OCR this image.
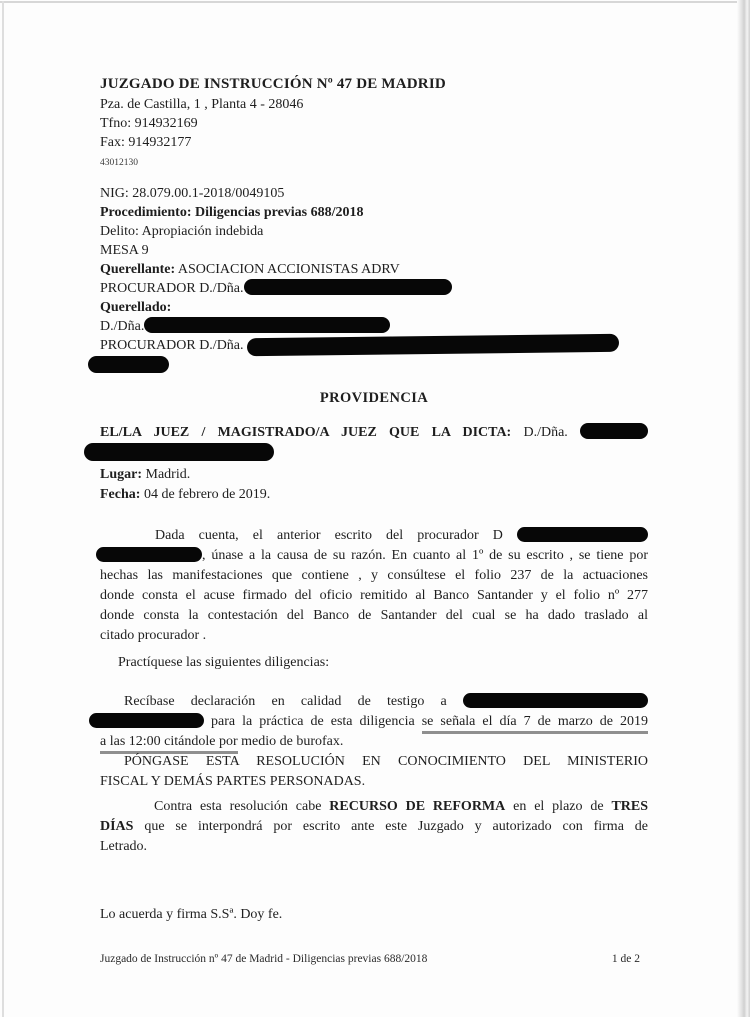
JUZGADO DE INSTRUCCIÓN Nº 47 DE MADRID
Pza. de Castilla, 1 , Planta 4 - 28046
Tfno: 914932169
Fax: 914932177
43012130
NIG: 28.079.00.1-2018/0049105
Procedimiento: Diligencias previas 688/2018
Delito: Apropiación indebida
MESA 9
Querellante: ASOCIACION ACCIONISTAS ADRV
PROCURADOR D./Dña.
Querellado:
D./Dña.
PROCURADOR D./Dña.
PROVIDENCIA
EL/LA JUEZ / MAGISTRADO/A JUEZ QUE LA DICTA: D./Dña.
Lugar: Madrid.
Fecha: 04 de febrero de 2019.
Dada cuenta, el anterior escrito del procurador D
, únase a la causa de su razón. En cuanto al 1º de su escrito , se tiene por
hechas las manifestaciones que contiene , y consúltese el folio 237 de la actuaciones
donde consta el acuse firmado del oficio remitido al Banco Santander y el folio nº 277
donde consta la contestación del Banco de Santander del cual se ha dado traslado al
citado procurador .
Practíquese las siguientes diligencias:
Recíbase declaración en calidad de testigo a
para la práctica de esta diligencia se señala el día 7 de marzo de 2019
a las 12:00 citándole por medio de burofax.
PÓNGASE ESTA RESOLUCIÓN EN CONOCIMIENTO DEL MINISTERIO
FISCAL Y DEMÁS PARTES PERSONADAS.
Contra esta resolución cabe RECURSO DE REFORMA en el plazo de TRES
DÍAS que se interpondrá por escrito ante este Juzgado y autorizado con firma de
Letrado.
Lo acuerda y firma S.Sª. Doy fe.
Juzgado de Instrucción nº 47 de Madrid - Diligencias previas 688/2018	1 de 2
